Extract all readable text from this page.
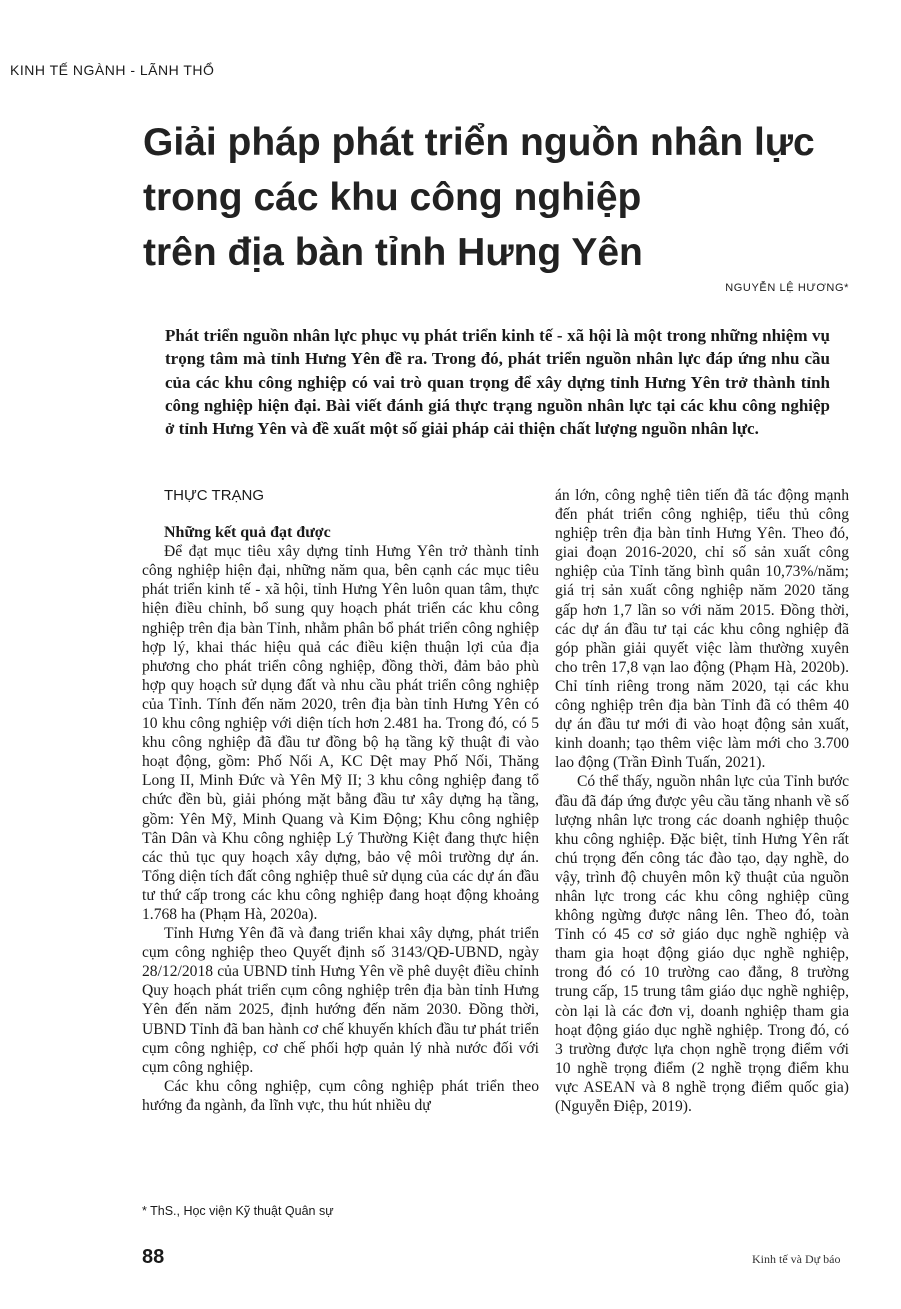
KINH TẾ NGÀNH - LÃNH THỔ
Giải pháp phát triển nguồn nhân lực
trong các khu công nghiệp
trên địa bàn tỉnh Hưng Yên
NGUYỄN LỆ HƯƠNG*

Phát triển nguồn nhân lực phục vụ phát triển kinh tế - xã hội là một trong những nhiệm vụ trọng tâm mà tỉnh Hưng Yên đề ra. Trong đó, phát triển nguồn nhân lực đáp ứng nhu cầu của các khu công nghiệp có vai trò quan trọng để xây dựng tỉnh Hưng Yên trở thành tỉnh công nghiệp hiện đại. Bài viết đánh giá thực trạng nguồn nhân lực tại các khu công nghiệp ở tỉnh Hưng Yên và đề xuất một số giải pháp cải thiện chất lượng nguồn nhân lực.

THỰC TRẠNG
Những kết quả đạt được

Để đạt mục tiêu xây dựng tỉnh Hưng Yên trở thành tỉnh công nghiệp hiện đại, những năm qua, bên cạnh các mục tiêu phát triển kinh tế - xã hội, tỉnh Hưng Yên luôn quan tâm, thực hiện điều chỉnh, bổ sung quy hoạch phát triển các khu công nghiệp trên địa bàn Tỉnh, nhằm phân bổ phát triển công nghiệp hợp lý, khai thác hiệu quả các điều kiện thuận lợi của địa phương cho phát triển công nghiệp, đồng thời, đảm bảo phù hợp quy hoạch sử dụng đất và nhu cầu phát triển công nghiệp của Tỉnh. Tính đến năm 2020, trên địa bàn tỉnh Hưng Yên có 10 khu công nghiệp với diện tích hơn 2.481 ha. Trong đó, có 5 khu công nghiệp đã đầu tư đồng bộ hạ tầng kỹ thuật đi vào hoạt động, gồm: Phố Nối A, KC Dệt may Phố Nối, Thăng Long II, Minh Đức và Yên Mỹ II; 3 khu công nghiệp đang tổ chức đền bù, giải phóng mặt bằng đầu tư xây dựng hạ tầng, gồm: Yên Mỹ, Minh Quang và Kim Động; Khu công nghiệp Tân Dân và Khu công nghiệp Lý Thường Kiệt đang thực hiện các thủ tục quy hoạch xây dựng, bảo vệ môi trường dự án. Tổng diện tích đất công nghiệp thuê sử dụng của các dự án đầu tư thứ cấp trong các khu công nghiệp đang hoạt động khoảng 1.768 ha (Phạm Hà, 2020a).

Tỉnh Hưng Yên đã và đang triển khai xây dựng, phát triển cụm công nghiệp theo Quyết định số 3143/QĐ-UBND, ngày 28/12/2018 của UBND tỉnh Hưng Yên về phê duyệt điều chỉnh Quy hoạch phát triển cụm công nghiệp trên địa bàn tỉnh Hưng Yên đến năm 2025, định hướng đến năm 2030. Đồng thời, UBND Tỉnh đã ban hành cơ chế khuyến khích đầu tư phát triển cụm công nghiệp, cơ chế phối hợp quản lý nhà nước đối với cụm công nghiệp.

Các khu công nghiệp, cụm công nghiệp phát triển theo hướng đa ngành, đa lĩnh vực, thu hút nhiều dự

án lớn, công nghệ tiên tiến đã tác động mạnh đến phát triển công nghiệp, tiểu thủ công nghiệp trên địa bàn tỉnh Hưng Yên. Theo đó, giai đoạn 2016-2020, chỉ số sản xuất công nghiệp của Tỉnh tăng bình quân 10,73%/năm; giá trị sản xuất công nghiệp năm 2020 tăng gấp hơn 1,7 lần so với năm 2015. Đồng thời, các dự án đầu tư tại các khu công nghiệp đã góp phần giải quyết việc làm thường xuyên cho trên 17,8 vạn lao động (Phạm Hà, 2020b). Chỉ tính riêng trong năm 2020, tại các khu công nghiệp trên địa bàn Tỉnh đã có thêm 40 dự án đầu tư mới đi vào hoạt động sản xuất, kinh doanh; tạo thêm việc làm mới cho 3.700 lao động (Trần Đình Tuấn, 2021).

Có thể thấy, nguồn nhân lực của Tỉnh bước đầu đã đáp ứng được yêu cầu tăng nhanh về số lượng nhân lực trong các doanh nghiệp thuộc khu công nghiệp. Đặc biệt, tỉnh Hưng Yên rất chú trọng đến công tác đào tạo, dạy nghề, do vậy, trình độ chuyên môn kỹ thuật của nguồn nhân lực trong các khu công nghiệp cũng không ngừng được nâng lên. Theo đó, toàn Tỉnh có 45 cơ sở giáo dục nghề nghiệp và tham gia hoạt động giáo dục nghề nghiệp, trong đó có 10 trường cao đẳng, 8 trường trung cấp, 15 trung tâm giáo dục nghề nghiệp, còn lại là các đơn vị, doanh nghiệp tham gia hoạt động giáo dục nghề nghiệp. Trong đó, có 3 trường được lựa chọn nghề trọng điểm với 10 nghề trọng điểm (2 nghề trọng điểm khu vực ASEAN và 8 nghề trọng điểm quốc gia) (Nguyễn Điệp, 2019).

* ThS., Học viện Kỹ thuật Quân sự
88	Kinh tế và Dự báo
